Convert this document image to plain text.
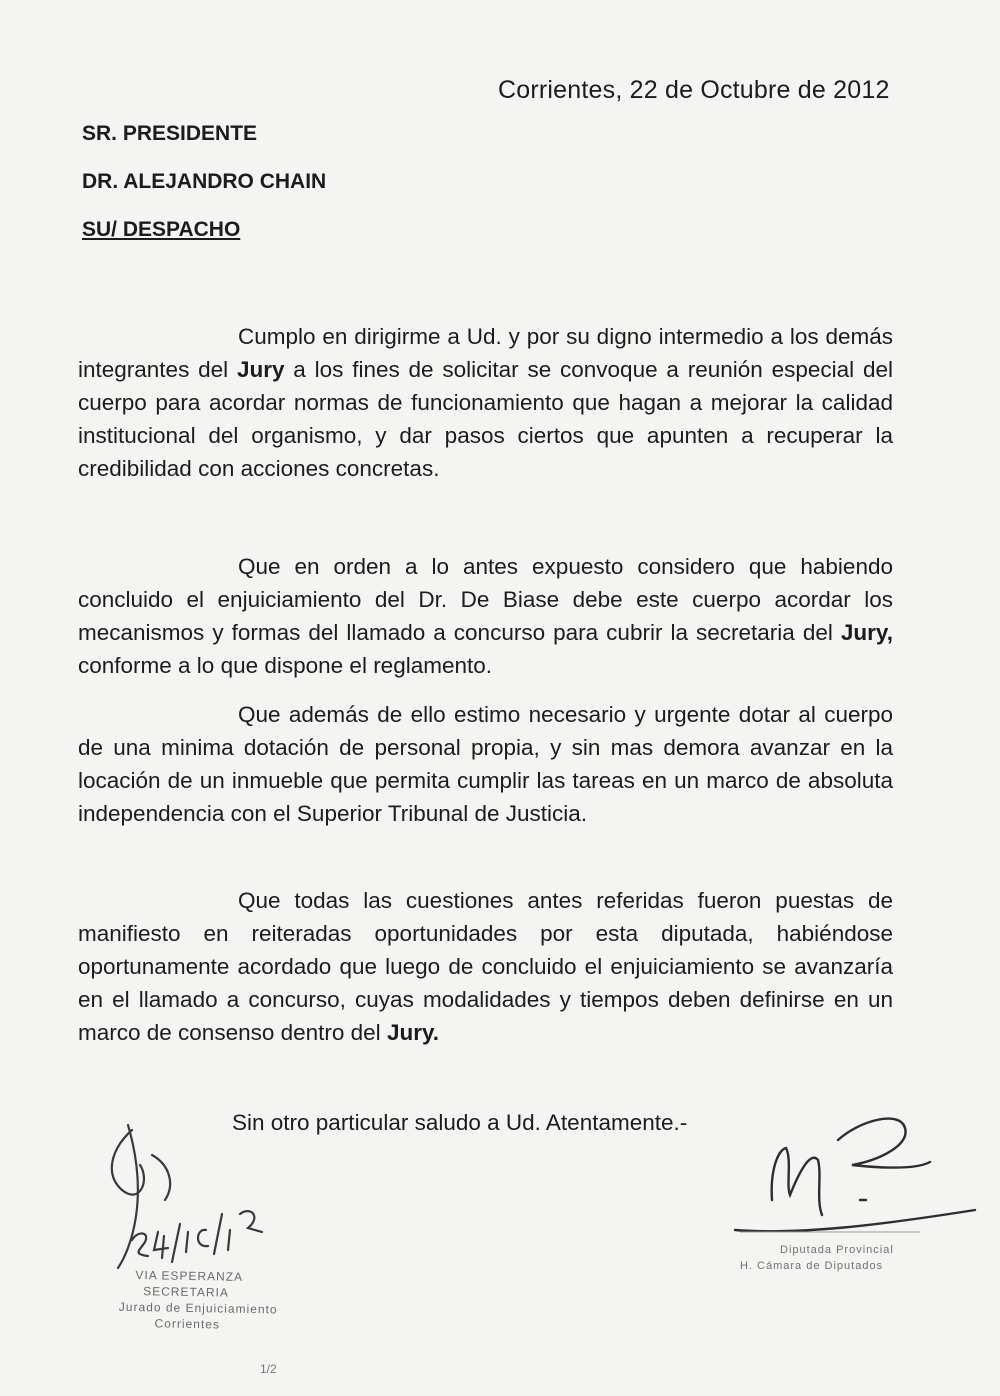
Corrientes, 22 de Octubre de 2012
SR. PRESIDENTE
DR. ALEJANDRO CHAIN
SU/ DESPACHO

Cumplo en dirigirme a Ud. y por su digno intermedio a los demás integrantes del Jury a los fines de solicitar se convoque a reunión especial del cuerpo para acordar normas de funcionamiento que hagan a mejorar la calidad institucional del organismo, y dar pasos ciertos que apunten a recuperar la credibilidad con acciones concretas.

Que en orden a lo antes expuesto considero que habiendo concluido el enjuiciamiento del Dr. De Biase debe este cuerpo acordar los mecanismos y formas del llamado a concurso para cubrir la secretaria del Jury, conforme a lo que dispone el reglamento.

Que además de ello estimo necesario y urgente dotar al cuerpo de una minima dotación de personal propia, y sin mas demora avanzar en la locación de un inmueble que permita cumplir las tareas en un marco de absoluta independencia con el Superior Tribunal de Justicia.

Que todas las cuestiones antes referidas fueron puestas de manifiesto en reiteradas oportunidades por esta diputada, habiéndose oportunamente acordado que luego de concluido el enjuiciamiento se avanzaría en el llamado a concurso, cuyas modalidades y tiempos deben definirse en un marco de consenso dentro del Jury.

Sin otro particular saludo a Ud. Atentamente.-
VIA ESPERANZA
SECRETARIA
Jurado de Enjuiciamiento
Corrientes
1/2
Diputada Provincial
H. Cámara de Diputados
